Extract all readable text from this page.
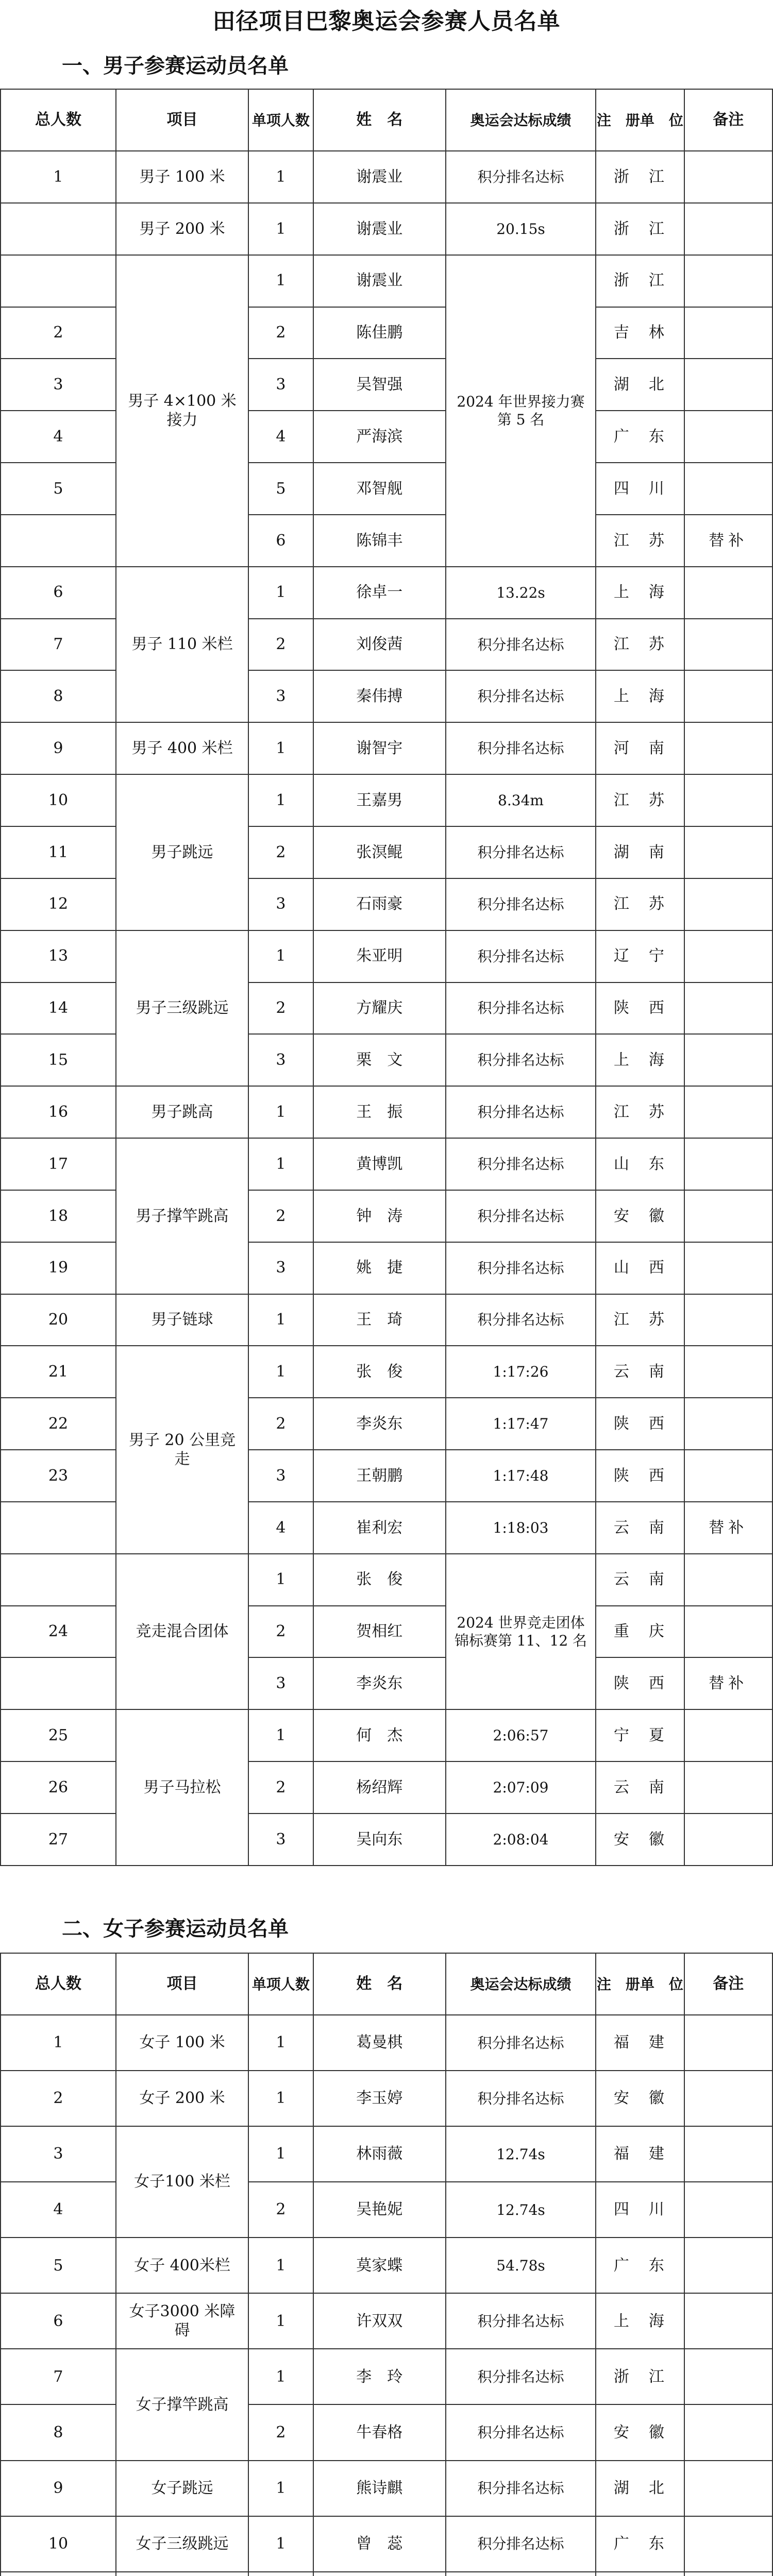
田径项目巴黎奥运会参赛人员名单
一、男子参赛运动员名单
总人数	项目	单项人数	姓　名	奥运会达标成绩	注　册单　位	备注
1	男子 100 米	1	谢震业	积分排名达标	浙　江	
	男子 200 米	1	谢震业	20.15s	浙　江	
	男子 4×100 米接力	1	谢震业	2024 年世界接力赛第 5 名	浙　江	
2		2	陈佳鹏		吉　林	
3		3	吴智强		湖　北	
4		4	严海滨		广　东	
5		5	邓智舰		四　川	
		6	陈锦丰		江　苏	替补
6	男子 110 米栏	1	徐卓一	13.22s	上　海	
7		2	刘俊茜	积分排名达标	江　苏	
8		3	秦伟搏	积分排名达标	上　海	
9	男子 400 米栏	1	谢智宇	积分排名达标	河　南	
10	男子跳远	1	王嘉男	8.34m	江　苏	
11		2	张溟鲲	积分排名达标	湖　南	
12		3	石雨豪	积分排名达标	江　苏	
13	男子三级跳远	1	朱亚明	积分排名达标	辽　宁	
14		2	方耀庆	积分排名达标	陕　西	
15		3	栗　文	积分排名达标	上　海	
16	男子跳高	1	王　振	积分排名达标	江　苏	
17	男子撑竿跳高	1	黄博凯	积分排名达标	山　东	
18		2	钟　涛	积分排名达标	安　徽	
19		3	姚　捷	积分排名达标	山　西	
20	男子链球	1	王　琦	积分排名达标	江　苏	
21	男子 20 公里竞走	1	张　俊	1:17:26	云　南	
22		2	李炎东	1:17:47	陕　西	
23		3	王朝鹏	1:17:48	陕　西	
		4	崔利宏	1:18:03	云　南	替补
	竞走混合团体	1	张　俊	2024 世界竞走团体锦标赛第 11、12 名	云　南	
24		2	贺相红		重　庆	
		3	李炎东		陕　西	替补
25	男子马拉松	1	何　杰	2:06:57	宁　夏	
26		2	杨绍辉	2:07:09	云　南	
27		3	吴向东	2:08:04	安　徽	
二、女子参赛运动员名单
总人数	项目	单项人数	姓　名	奥运会达标成绩	注　册单　位	备注
1	女子 100 米	1	葛曼棋	积分排名达标	福　建	
2	女子 200 米	1	李玉婷	积分排名达标	安　徽	
3	女子100 米栏	1	林雨薇	12.74s	福　建	
4		2	吴艳妮	12.74s	四　川	
5	女子 400米栏	1	莫家蝶	54.78s	广　东	
6	女子3000 米障碍	1	许双双	积分排名达标	上　海	
7	女子撑竿跳高	1	李　玲	积分排名达标	浙　江	
8		2	牛春格	积分排名达标	安　徽	
9	女子跳远	1	熊诗麒	积分排名达标	湖　北	
10	女子三级跳远	1	曾　蕊	积分排名达标	广　东	
